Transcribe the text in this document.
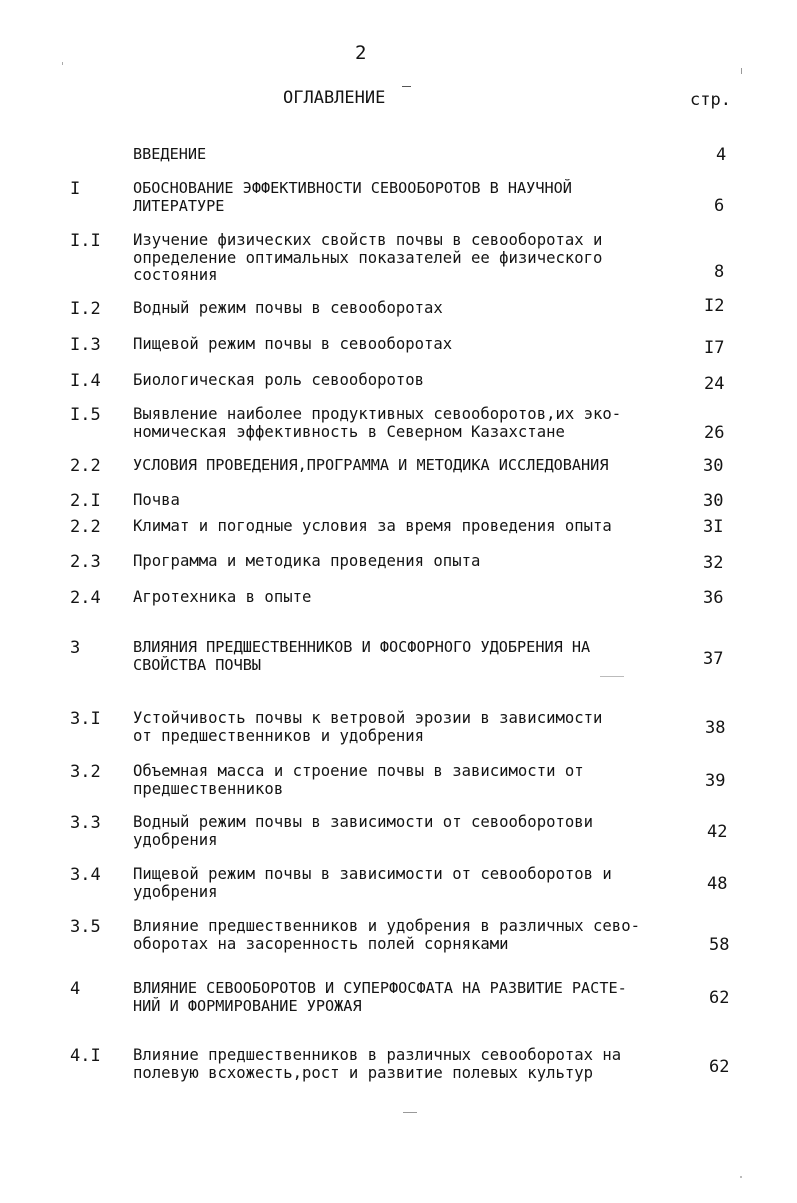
2
ОГЛАВЛЕНИЕ	стр.
ВВЕДЕНИЕ	4
I	ОБОСНОВАНИЕ ЭФФЕКТИВНОСТИ СЕВООБОРОТОВ В НАУЧНОЙ
ЛИТЕРАТУРЕ	6
I.I Изучение физических свойств почвы в севооборотах и
определение оптимальных показателей ее физического
состояния	8
I.2 Водный режим почвы в севооборотах	I2
I.3 Пищевой режим почвы в севооборотах	I7
I.4 Биологическая роль севооборотов	24
I.5 Выявление наиболее продуктивных севооборотов,их эко-
номическая эффективность в Северном Казахстане	26
2.2 УСЛОВИЯ ПРОВЕДЕНИЯ,ПРОГРАММА И МЕТОДИКА ИССЛЕДОВАНИЯ	30
2.I Почва	30
2.2 Климат и погодные условия за время проведения опыта	3I
2.3 Программа и методика проведения опыта	32
2.4 Агротехника в опыте	36
3	ВЛИЯНИЯ ПРЕДШЕСТВЕННИКОВ И ФОСФОРНОГО УДОБРЕНИЯ НА
СВОЙСТВА ПОЧВЫ	37
3.I Устойчивость почвы к ветровой эрозии в зависимости
от предшественников и удобрения	38
3.2 Объемная масса и строение почвы в зависимости от
предшественников	39
3.3 Водный режим почвы в зависимости от севооборотови
удобрения	42
3.4 Пищевой режим почвы в зависимости от севооборотов и
удобрения	48
3.5 Влияние предшественников и удобрения в различных сево-
оборотах на засоренность полей сорняками	58
4	ВЛИЯНИЕ СЕВООБОРОТОВ И СУПЕРФОСФАТА НА РАЗВИТИЕ РАСТЕ-
НИЙ И ФОРМИРОВАНИЕ УРОЖАЯ	62
4.I Влияние предшественников в различных севооборотах на
полевую всхожесть,рост и развитие полевых культур	62
